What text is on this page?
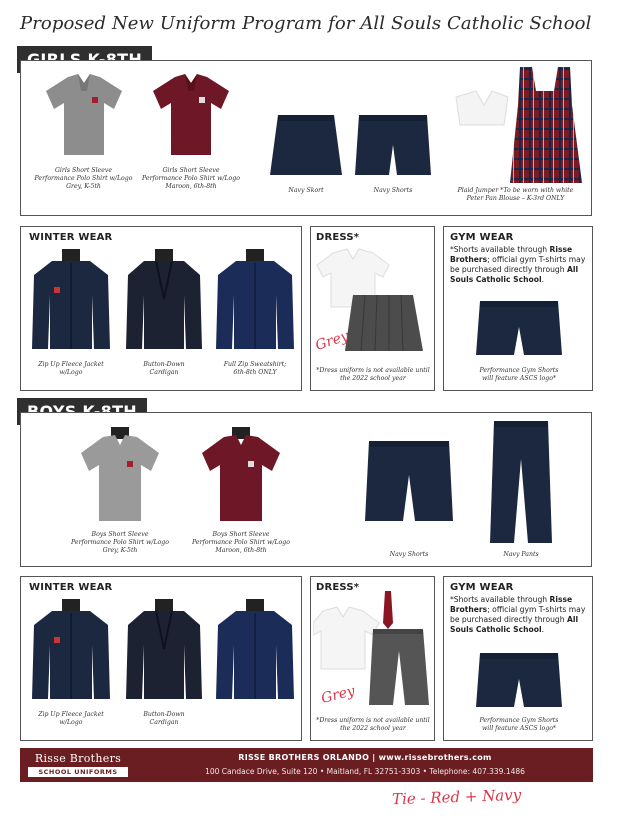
Proposed New Uniform Program for All Souls Catholic School
Girls Short Sleeve
Performance Polo Shirt w/Logo
Grey, K-5th
Girls Short Sleeve
Performance Polo Shirt w/Logo
Maroon, 6th-8th
Navy Skort	Navy Shorts	Plaid Jumper *To be worn with white
Peter Pan Blouse – K-3rd ONLY
WINTER WEAR
Zip Up Fleece Jacket
w/Logo
Button-Down
Cardigan
Full Zip Sweatshirt;
6th-8th ONLY
DRESS*
Grey
*Dress uniform is not available until
the 2022 school year
GYM WEAR
*Shorts available through Risse Brothers; official gym T-shirts may be purchased directly through All Souls Catholic School.
Performance Gym Shorts
will feature ASCS logo*
Boys Short Sleeve
Performance Polo Shirt w/Logo
Grey, K-5th
Boys Short Sleeve
Performance Polo Shirt w/Logo
Maroon, 6th-8th
Navy Shorts	Navy Pants
WINTER WEAR
Zip Up Fleece Jacket
w/Logo
Button-Down
Cardigan
DRESS*
Grey
*Dress uniform is not available until
the 2022 school year
GYM WEAR
*Shorts available through Risse Brothers; official gym T-shirts may be purchased directly through All Souls Catholic School.
Performance Gym Shorts
will feature ASCS logo*
Risse Brothers
SCHOOL UNIFORMS
RISSE BROTHERS ORLANDO | www.rissebrothers.com
100 Candace Drive, Suite 120 • Maitland, FL 32751-3303 • Telephone: 407.339.1486
Tie - Red + Navy
